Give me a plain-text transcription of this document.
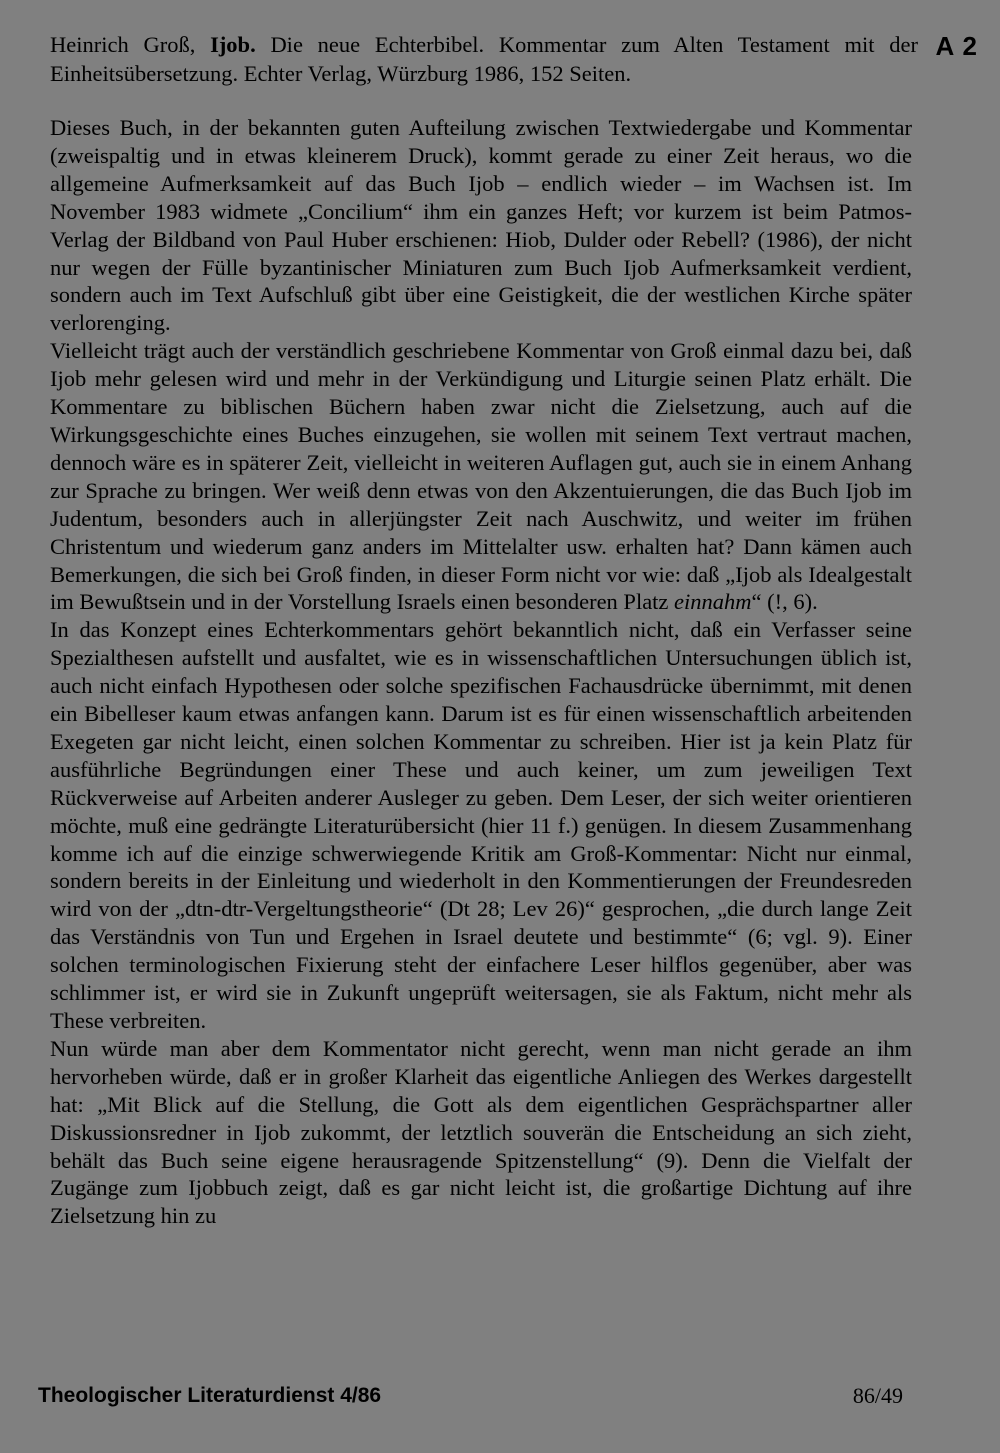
Heinrich Groß, Ijob. Die neue Echterbibel. Kommentar zum Alten Testament mit der Einheitsübersetzung. Echter Verlag, Würzburg 1986, 152 Seiten.
A 2

Dieses Buch, in der bekannten guten Aufteilung zwischen Textwiedergabe und Kommentar (zweispaltig und in etwas kleinerem Druck), kommt gerade zu einer Zeit heraus, wo die allgemeine Aufmerksamkeit auf das Buch Ijob – endlich wieder – im Wachsen ist. Im November 1983 widmete „Concilium“ ihm ein ganzes Heft; vor kurzem ist beim Patmos-Verlag der Bildband von Paul Huber erschienen: Hiob, Dulder oder Rebell? (1986), der nicht nur wegen der Fülle byzantinischer Miniaturen zum Buch Ijob Aufmerksamkeit verdient, sondern auch im Text Aufschluß gibt über eine Geistigkeit, die der westlichen Kirche später verlorenging.

Vielleicht trägt auch der verständlich geschriebene Kommentar von Groß einmal dazu bei, daß Ijob mehr gelesen wird und mehr in der Verkündigung und Liturgie seinen Platz erhält. Die Kommentare zu biblischen Büchern haben zwar nicht die Zielsetzung, auch auf die Wirkungsgeschichte eines Buches einzugehen, sie wollen mit seinem Text vertraut machen, dennoch wäre es in späterer Zeit, vielleicht in weiteren Auflagen gut, auch sie in einem Anhang zur Sprache zu bringen. Wer weiß denn etwas von den Akzentuierungen, die das Buch Ijob im Judentum, besonders auch in allerjüngster Zeit nach Auschwitz, und weiter im frühen Christentum und wiederum ganz anders im Mittelalter usw. erhalten hat? Dann kämen auch Bemerkungen, die sich bei Groß finden, in dieser Form nicht vor wie: daß „Ijob als Idealgestalt im Bewußtsein und in der Vorstellung Israels einen besonderen Platz einnahm“ (!, 6).

In das Konzept eines Echterkommentars gehört bekanntlich nicht, daß ein Verfasser seine Spezialthesen aufstellt und ausfaltet, wie es in wissenschaftlichen Untersuchungen üblich ist, auch nicht einfach Hypothesen oder solche spezifischen Fachausdrücke übernimmt, mit denen ein Bibelleser kaum etwas anfangen kann. Darum ist es für einen wissenschaftlich arbeitenden Exegeten gar nicht leicht, einen solchen Kommentar zu schreiben. Hier ist ja kein Platz für ausführliche Begründungen einer These und auch keiner, um zum jeweiligen Text Rückverweise auf Arbeiten anderer Ausleger zu geben. Dem Leser, der sich weiter orientieren möchte, muß eine gedrängte Literaturübersicht (hier 11 f.) genügen. In diesem Zusammenhang komme ich auf die einzige schwerwiegende Kritik am Groß-Kommentar: Nicht nur einmal, sondern bereits in der Einleitung und wiederholt in den Kommentierungen der Freundesreden wird von der „dtn-dtr-Vergeltungstheorie“ (Dt 28; Lev 26)“ gesprochen, „die durch lange Zeit das Verständnis von Tun und Ergehen in Israel deutete und bestimmte“ (6; vgl. 9). Einer solchen terminologischen Fixierung steht der einfachere Leser hilflos gegenüber, aber was schlimmer ist, er wird sie in Zukunft ungeprüft weitersagen, sie als Faktum, nicht mehr als These verbreiten.

Nun würde man aber dem Kommentator nicht gerecht, wenn man nicht gerade an ihm hervorheben würde, daß er in großer Klarheit das eigentliche Anliegen des Werkes dargestellt hat: „Mit Blick auf die Stellung, die Gott als dem eigentlichen Gesprächspartner aller Diskussionsredner in Ijob zukommt, der letztlich souverän die Entscheidung an sich zieht, behält das Buch seine eigene herausragende Spitzenstellung“ (9). Denn die Vielfalt der Zugänge zum Ijobbuch zeigt, daß es gar nicht leicht ist, die großartige Dichtung auf ihre Zielsetzung hin zu

Theologischer Literaturdienst 4/86	86/49
